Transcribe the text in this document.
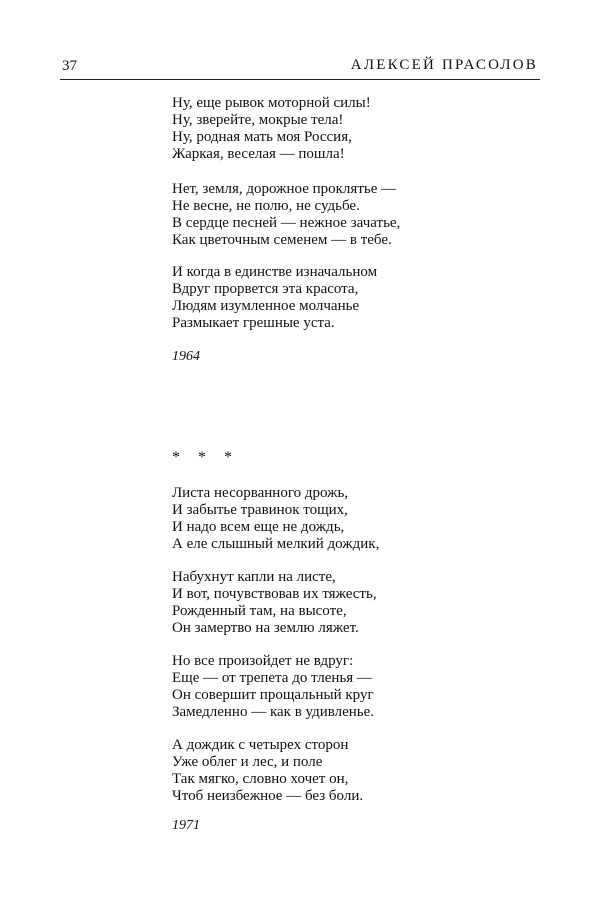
37	АЛЕКСЕЙ ПРАСОЛОВ
Ну, еще рывок моторной силы!
Ну, зверейте, мокрые тела!
Ну, родная мать моя Россия,
Жаркая, веселая — пошла!
Нет, земля, дорожное проклятье —
Не весне, не полю, не судьбе.
В сердце песней — нежное зачатье,
Как цветочным семенем — в тебе.
И когда в единстве изначальном
Вдруг прорвется эта красота,
Людям изумленное молчанье
Размыкает грешные уста.
1964
* * *
Листа несорванного дрожь,
И забытье травинок тощих,
И надо всем еще не дождь,
А еле слышный мелкий дождик,
Набухнут капли на листе,
И вот, почувствовав их тяжесть,
Рожденный там, на высоте,
Он замертво на землю ляжет.
Но все произойдет не вдруг:
Еще — от трепета до тленья —
Он совершит прощальный круг
Замедленно — как в удивленье.
А дождик с четырех сторон
Уже облег и лес, и поле
Так мягко, словно хочет он,
Чтоб неизбежное — без боли.
1971
